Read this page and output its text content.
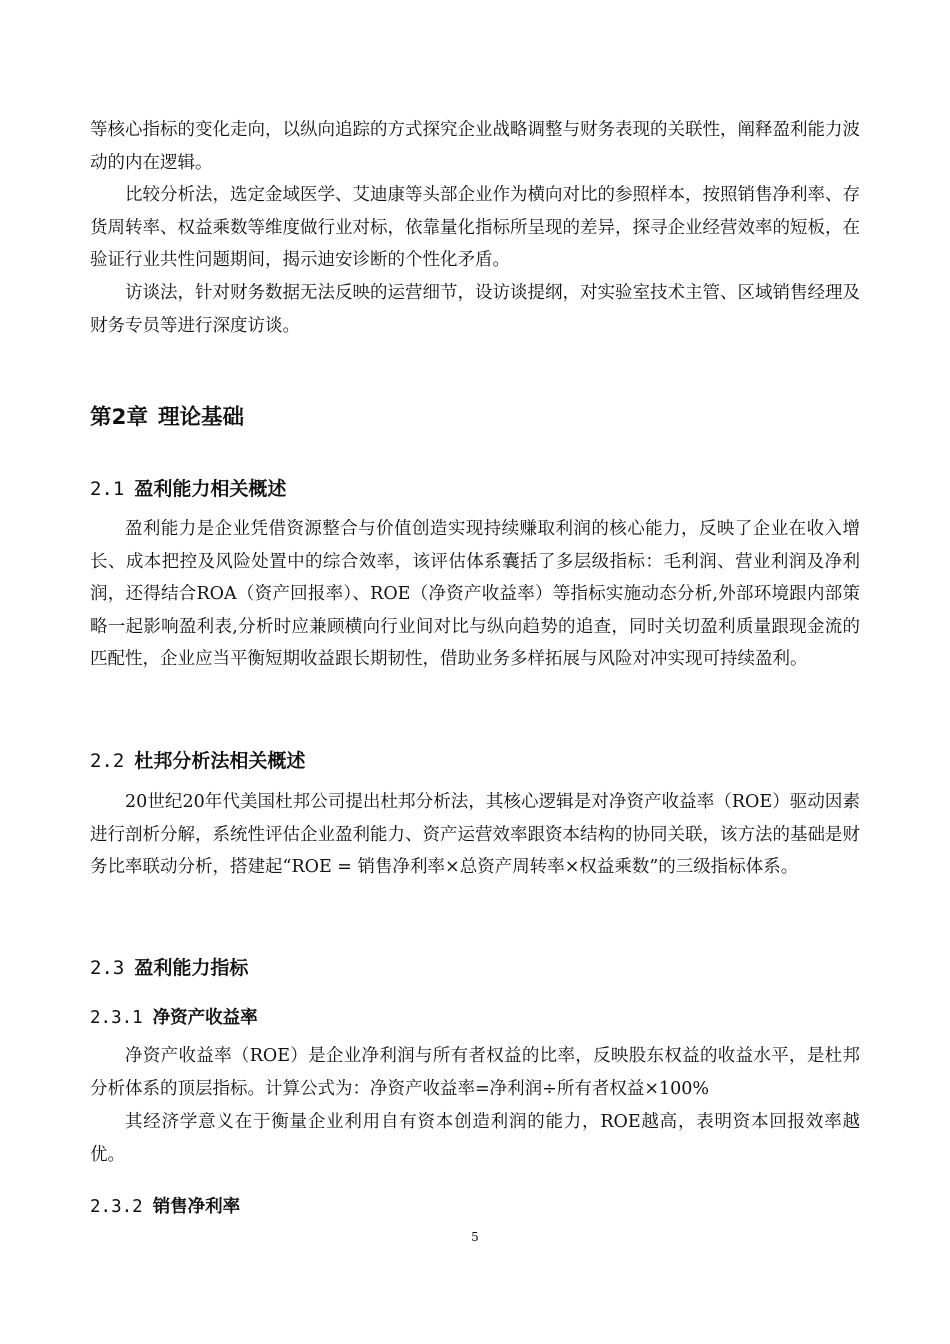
等核心指标的变化走向，以纵向追踪的方式探究企业战略调整与财务表现的关联性，阐释盈利能力波动的内在逻辑。

比较分析法，选定金域医学、艾迪康等头部企业作为横向对比的参照样本，按照销售净利率、存货周转率、权益乘数等维度做行业对标，依靠量化指标所呈现的差异，探寻企业经营效率的短板，在验证行业共性问题期间，揭示迪安诊断的个性化矛盾。

访谈法，针对财务数据无法反映的运营细节，设访谈提纲，对实验室技术主管、区域销售经理及财务专员等进行深度访谈。

第2章 理论基础
2.1 盈利能力相关概述

盈利能力是企业凭借资源整合与价值创造实现持续赚取利润的核心能力，反映了企业在收入增长、成本把控及风险处置中的综合效率，该评估体系囊括了多层级指标：毛利润、营业利润及净利润，还得结合ROA（资产回报率）、ROE（净资产收益率）等指标实施动态分析,外部环境跟内部策略一起影响盈利表,分析时应兼顾横向行业间对比与纵向趋势的追查，同时关切盈利质量跟现金流的匹配性，企业应当平衡短期收益跟长期韧性，借助业务多样拓展与风险对冲实现可持续盈利。

2.2 杜邦分析法相关概述

20世纪20年代美国杜邦公司提出杜邦分析法，其核心逻辑是对净资产收益率（ROE）驱动因素进行剖析分解，系统性评估企业盈利能力、资产运营效率跟资本结构的协同关联，该方法的基础是财务比率联动分析，搭建起“ROE = 销售净利率×总资产周转率×权益乘数”的三级指标体系。

2.3 盈利能力指标
2.3.1 净资产收益率

净资产收益率（ROE）是企业净利润与所有者权益的比率，反映股东权益的收益水平，是杜邦分析体系的顶层指标。计算公式为：净资产收益率=净利润÷所有者权益×100%

其经济学意义在于衡量企业利用自有资本创造利润的能力，ROE越高，表明资本回报效率越优。

2.3.2 销售净利率
5
